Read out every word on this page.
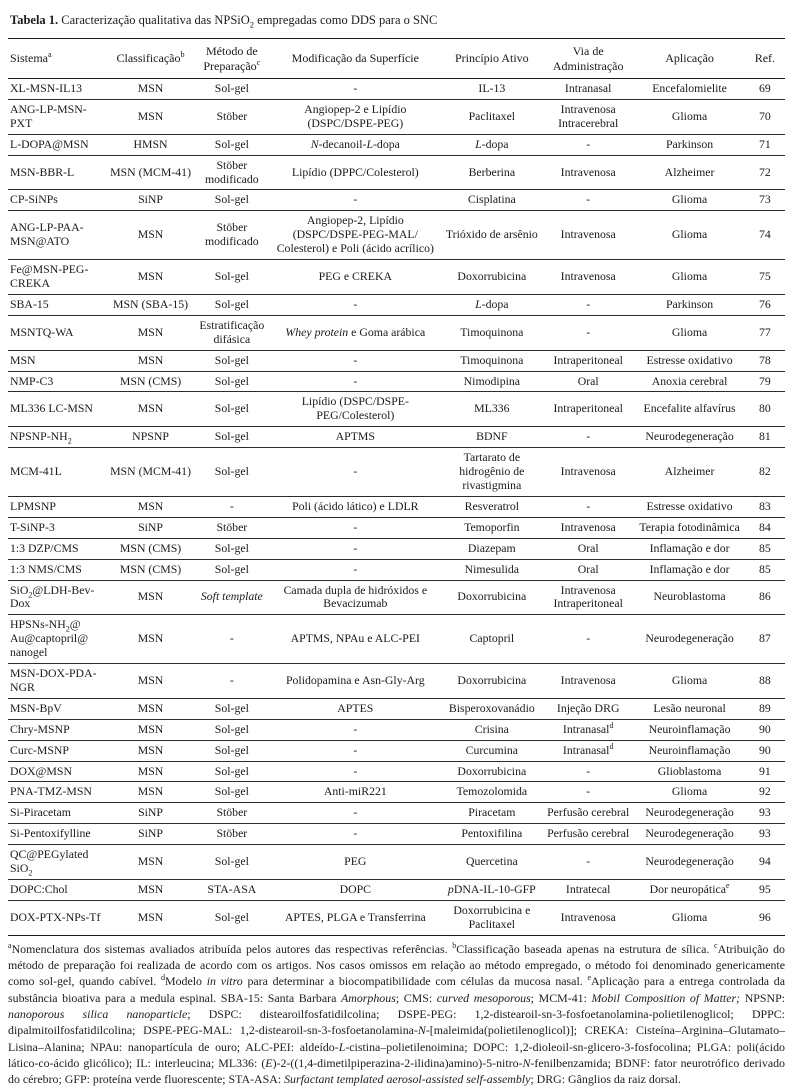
Tabela 1. Caracterização qualitativa das NPSiO$_2$ empregadas como DDS para o SNC
Sistema$^a$	Classificação$^b$	Método de Preparação$^c$	Modificação da Superfície	Princípio Ativo	Via de Administração	Aplicação	Ref.
XL-MSN-IL13	MSN	Sol-gel	-	IL-13	Intranasal	Encefalomielite	69
ANG-LP-MSN-PXT	MSN	Stöber	Angiopep-2 e Lipídio (DSPC/DSPE-PEG)	Paclitaxel	Intravenosa Intracerebral	Glioma	70
L-DOPA@MSN	HMSN	Sol-gel	N-decanoil-L-dopa	L-dopa	-	Parkinson	71
MSN-BBR-L	MSN (MCM-41)	Stöber modificado	Lipídio (DPPC/Colesterol)	Berberina	Intravenosa	Alzheimer	72
CP-SiNPs	SiNP	Sol-gel	-	Cisplatina	-	Glioma	73
ANG-LP-PAA-MSN@ATO	MSN	Stöber modificado	Angiopep-2, Lipídio (DSPC/DSPE-PEG-MAL/ Colesterol) e Poli (ácido acrílico)	Trióxido de arsênio	Intravenosa	Glioma	74
Fe@MSN-PEG-CREKA	MSN	Sol-gel	PEG e CREKA	Doxorrubicina	Intravenosa	Glioma	75
SBA-15	MSN (SBA-15)	Sol-gel	-	L-dopa	-	Parkinson	76
MSNTQ-WA	MSN	Estratificação difásica	Whey protein e Goma arábica	Timoquinona	-	Glioma	77
MSN	MSN	Sol-gel	-	Timoquinona	Intraperitoneal	Estresse oxidativo	78
NMP-C3	MSN (CMS)	Sol-gel	-	Nimodipina	Oral	Anoxia cerebral	79
ML336 LC-MSN	MSN	Sol-gel	Lipídio (DSPC/DSPE-PEG/Colesterol)	ML336	Intraperitoneal	Encefalite alfavírus	80
NPSNP-$NH_2$	NPSNP	Sol-gel	APTMS	BDNF	-	Neurodegeneração	81
MCM-41L	MSN (MCM-41)	Sol-gel	-	Tartarato de hidrogênio de rivastigmina	Intravenosa	Alzheimer	82
LPMSNP	MSN	-	Poli (ácido lático) e LDLR	Resveratrol	-	Estresse oxidativo	83
T-SiNP-3	SiNP	Stöber	-	Temoporfin	Intravenosa	Terapia fotodinâmica	84
1:3 DZP/CMS	MSN (CMS)	Sol-gel	-	Diazepam	Oral	Inflamação e dor	85
1:3 NMS/CMS	MSN (CMS)	Sol-gel	-	Nimesulida	Oral	Inflamação e dor	85
SiO$_2$@LDH-Bev-Dox	MSN	Soft template	Camada dupla de hidróxidos e Bevacizumab	Doxorrubicina	Intravenosa Intraperitoneal	Neuroblastoma	86
HPSNs-$NH_2@Au@captopril@nanogel$	MSN	-	APTMS, NPAu e ALC-PEI	Captopril	-	Neurodegeneração	87
MSN-DOX-PDA-NGR	MSN	-	Polidopamina e Asn-Gly-Arg	Doxorrubicina	Intravenosa	Glioma	88
MSN-BpV	MSN	Sol-gel	APTES	Bisperoxovanádio	Injeção DRG	Lesão neuronal	89
Chry-MSNP	MSN	Sol-gel	-	Crisina	Intranasal$^d$	Neuroinflamação	90
Curc-MSNP	MSN	Sol-gel	-	Curcumina	Intranasal$^d$	Neuroinflamação	90
DOX@MSN	MSN	Sol-gel	-	Doxorrubicina	-	Glioblastoma	91
PNA-TMZ-MSN	MSN	Sol-gel	Anti-miR221	Temozolomida	-	Glioma	92
Si-Piracetam	SiNP	Stöber	-	Piracetam	Perfusão cerebral	Neurodegeneração	93
Si-Pentoxifylline	SiNP	Stöber	-	Pentoxifilina	Perfusão cerebral	Neurodegeneração	93
QC@PEGylated SiO$_2$	MSN	Sol-gel	PEG	Quercetina	-	Neurodegeneração	94
DOPC:Chol	MSN	STA-ASA	DOPC	pDNA-IL-10-GFP	Intratecal	Dor neuropática$^e$	95
DOX-PTX-NPs-Tf	MSN	Sol-gel	APTES, PLGA e Transferrina	Doxorrubicina e Paclitaxel	Intravenosa	Glioma	96
$^a$Nomenclatura dos sistemas avaliados atribuída pelos autores das respectivas referências. $^b$Classificação baseada apenas na estrutura de sílica. $^c$Atribuição do método de preparação foi realizada de acordo com os artigos. Nos casos omissos em relação ao método empregado, o método foi denominado genericamente como sol-gel, quando cabível. $^d$Modelo in vitro para determinar a biocompatibilidade com células da mucosa nasal. $^e$Aplicação para a entrega controlada da substância bioativa para a medula espinal. SBA-15: Santa Barbara Amorphous; CMS: curved mesoporous; MCM-41: Mobil Composition of Matter; NPSNP: nanoporous silica nanoparticle; DSPC: distearoilfosfatidilcolina; DSPE-PEG: 1,2-distearoil-sn-3-fosfoetanolamina-polietilenoglicol; DPPC: dipalmitoilfosfatidilcolina; DSPE-PEG-MAL: 1,2-distearoil-sn-3-fosfoetanolamina-N-[maleimida(polietilenoglicol)]; CREKA: Cisteína–Arginina–Glutamato–Lisina–Alanina; NPAu: nanopartícula de ouro; ALC-PEI: aldeído-L-cistina–polietilenoimina; DOPC: 1,2-dioleoil-sn-glicero-3-fosfocolina; PLGA: poli(ácido lático-co-ácido glicólico); IL: interleucina; ML336: (E)-2-((1,4-dimetilpiperazina-2-ilidina)amino)-5-nitro-N-fenilbenzamida; BDNF: fator neurotrófico derivado do cérebro; GFP: proteína verde fluorescente; STA-ASA: Surfactant templated aerosol-assisted self-assembly; DRG: Gânglios da raiz dorsal.
